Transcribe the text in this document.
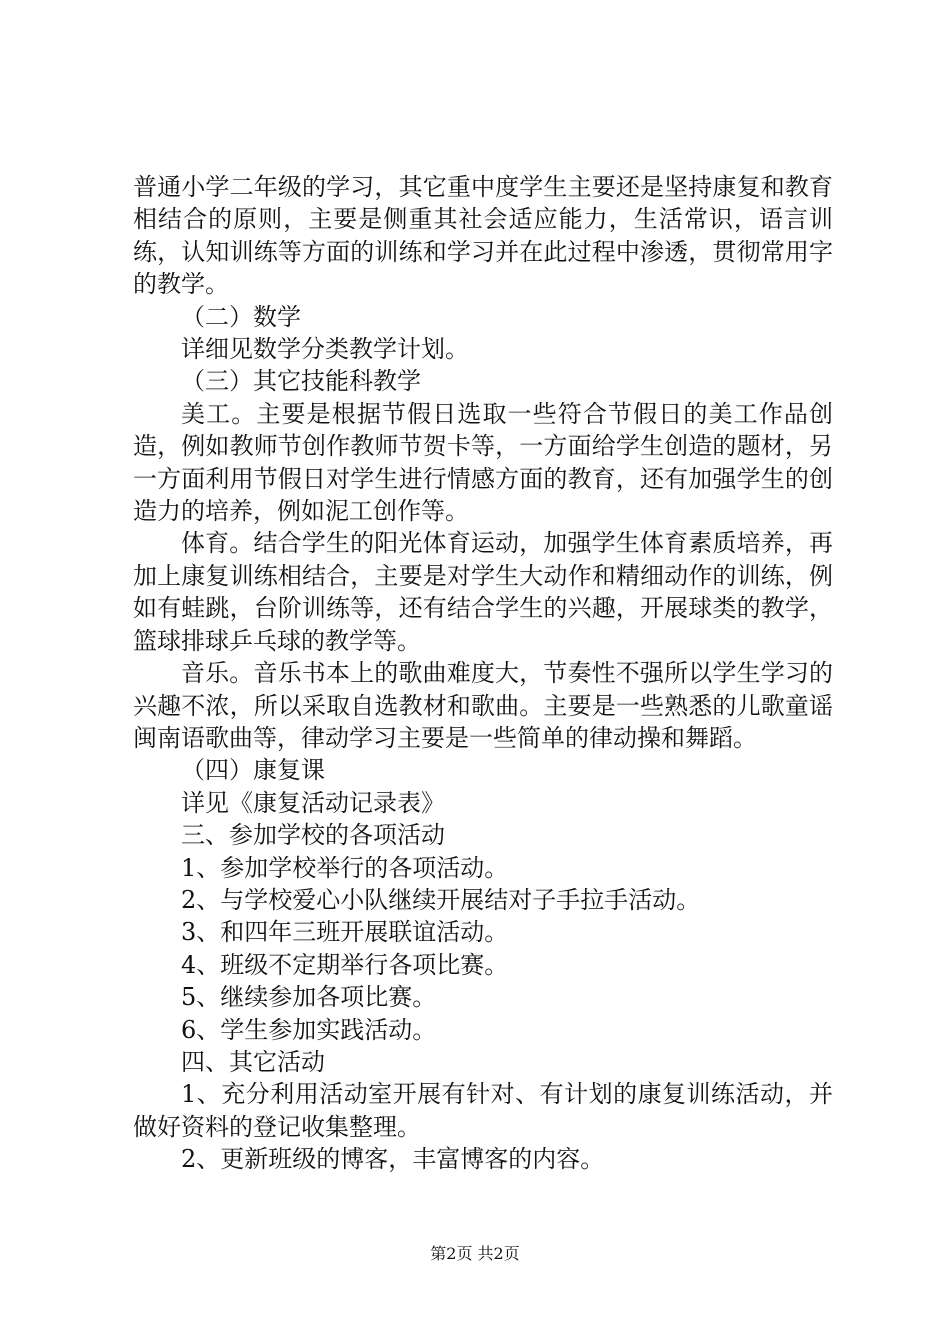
普通小学二年级的学习，其它重中度学生主要还是坚持康复和教育相结合的原则，主要是侧重其社会适应能力，生活常识，语言训练，认知训练等方面的训练和学习并在此过程中渗透，贯彻常用字的教学。

（二）数学

详细见数学分类教学计划。

（三）其它技能科教学

美工。主要是根据节假日选取一些符合节假日的美工作品创造，例如教师节创作教师节贺卡等，一方面给学生创造的题材，另一方面利用节假日对学生进行情感方面的教育，还有加强学生的创造力的培养，例如泥工创作等。

体育。结合学生的阳光体育运动，加强学生体育素质培养，再加上康复训练相结合，主要是对学生大动作和精细动作的训练，例如有蛙跳，台阶训练等，还有结合学生的兴趣，开展球类的教学，篮球排球乒乓球的教学等。

音乐。音乐书本上的歌曲难度大，节奏性不强所以学生学习的兴趣不浓，所以采取自选教材和歌曲。主要是一些熟悉的儿歌童谣闽南语歌曲等，律动学习主要是一些简单的律动操和舞蹈。

（四）康复课

详见《康复活动记录表》

三、参加学校的各项活动

1、参加学校举行的各项活动。

2、与学校爱心小队继续开展结对子手拉手活动。

3、和四年三班开展联谊活动。

4、班级不定期举行各项比赛。

5、继续参加各项比赛。

6、学生参加实践活动。

四、其它活动

1、充分利用活动室开展有针对、有计划的康复训练活动，并做好资料的登记收集整理。

2、更新班级的博客，丰富博客的内容。

第2页 共2页
